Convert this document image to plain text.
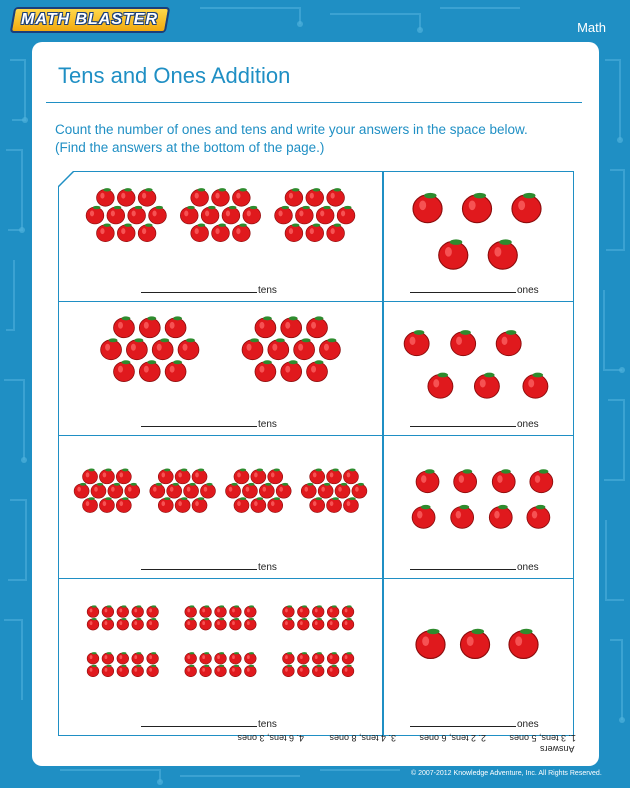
MATH BLASTER	Math
Tens and Ones Addition
Count the number of ones and tens and write your answers in the space below.
(Find the answers at the bottom of the page.)
tens	ones
tens	ones
tens	ones
tens	ones
Answers
1. 3 tens, 5 ones
2. 2 tens, 6 ones
3. 4 tens, 8 ones
4. 6 tens, 3 ones
© 2007-2012 Knowledge Adventure, Inc. All Rights Reserved.
